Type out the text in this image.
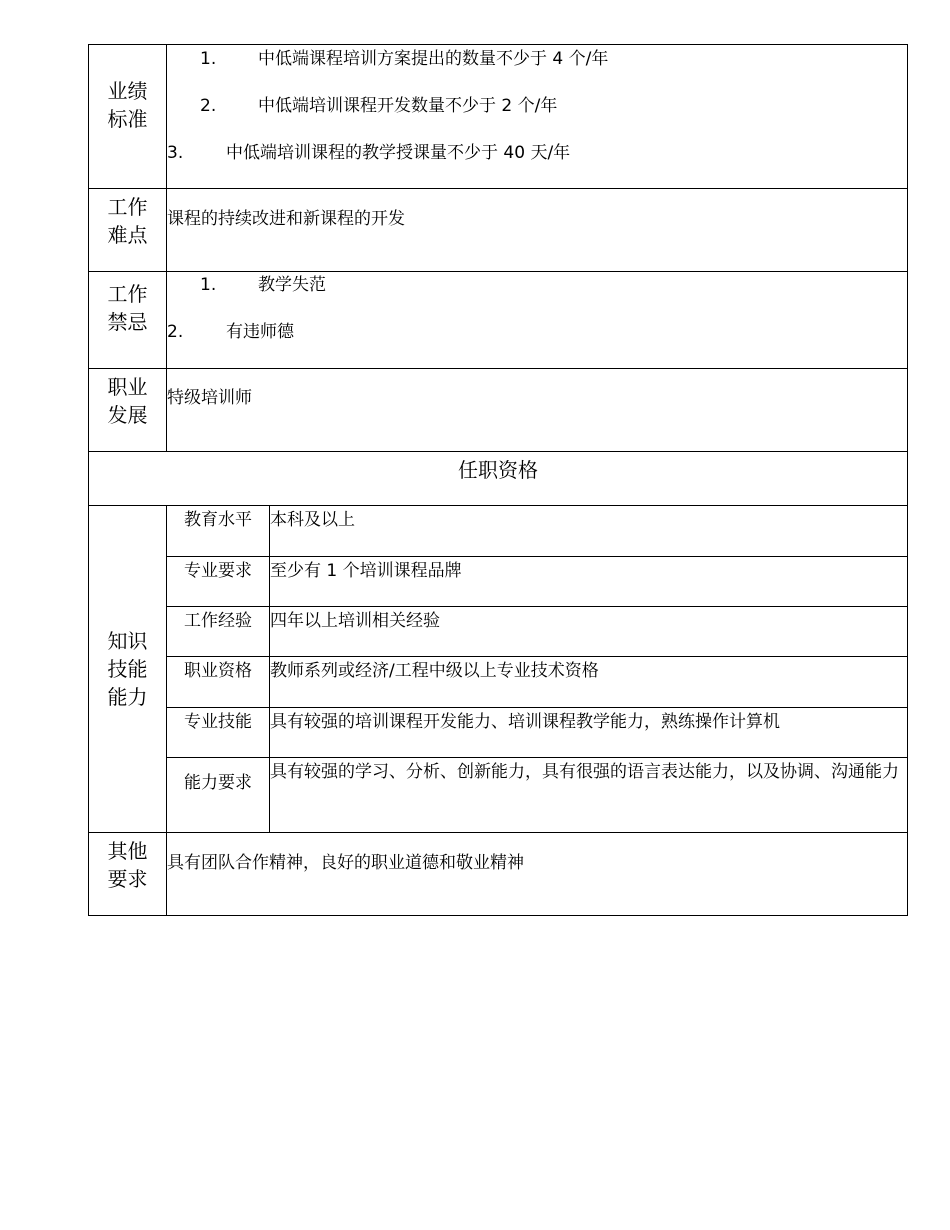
业绩
标准

1. 中低端课程培训方案提出的数量不少于 4 个/年
2. 中低端培训课程开发数量不少于 2 个/年
3.	中低端培训课程的教学授课量不少于 40 天/年

工作
难点

课程的持续改进和新课程的开发

工作
禁忌

1. 教学失范
2.	有违师德

职业
发展

特级培训师

任职资格

知识
技能
能力

教育水平	本科及以上
专业要求	至少有 1 个培训课程品牌
工作经验	四年以上培训相关经验
职业资格	教师系列或经济/工程中级以上专业技术资格
专业技能	具有较强的培训课程开发能力、培训课程教学能力，熟练操作计算机
能力要求	具有较强的学习、分析、创新能力，具有很强的语言表达能力，以及协调、沟通能力

其他
要求

具有团队合作精神，良好的职业道德和敬业精神
